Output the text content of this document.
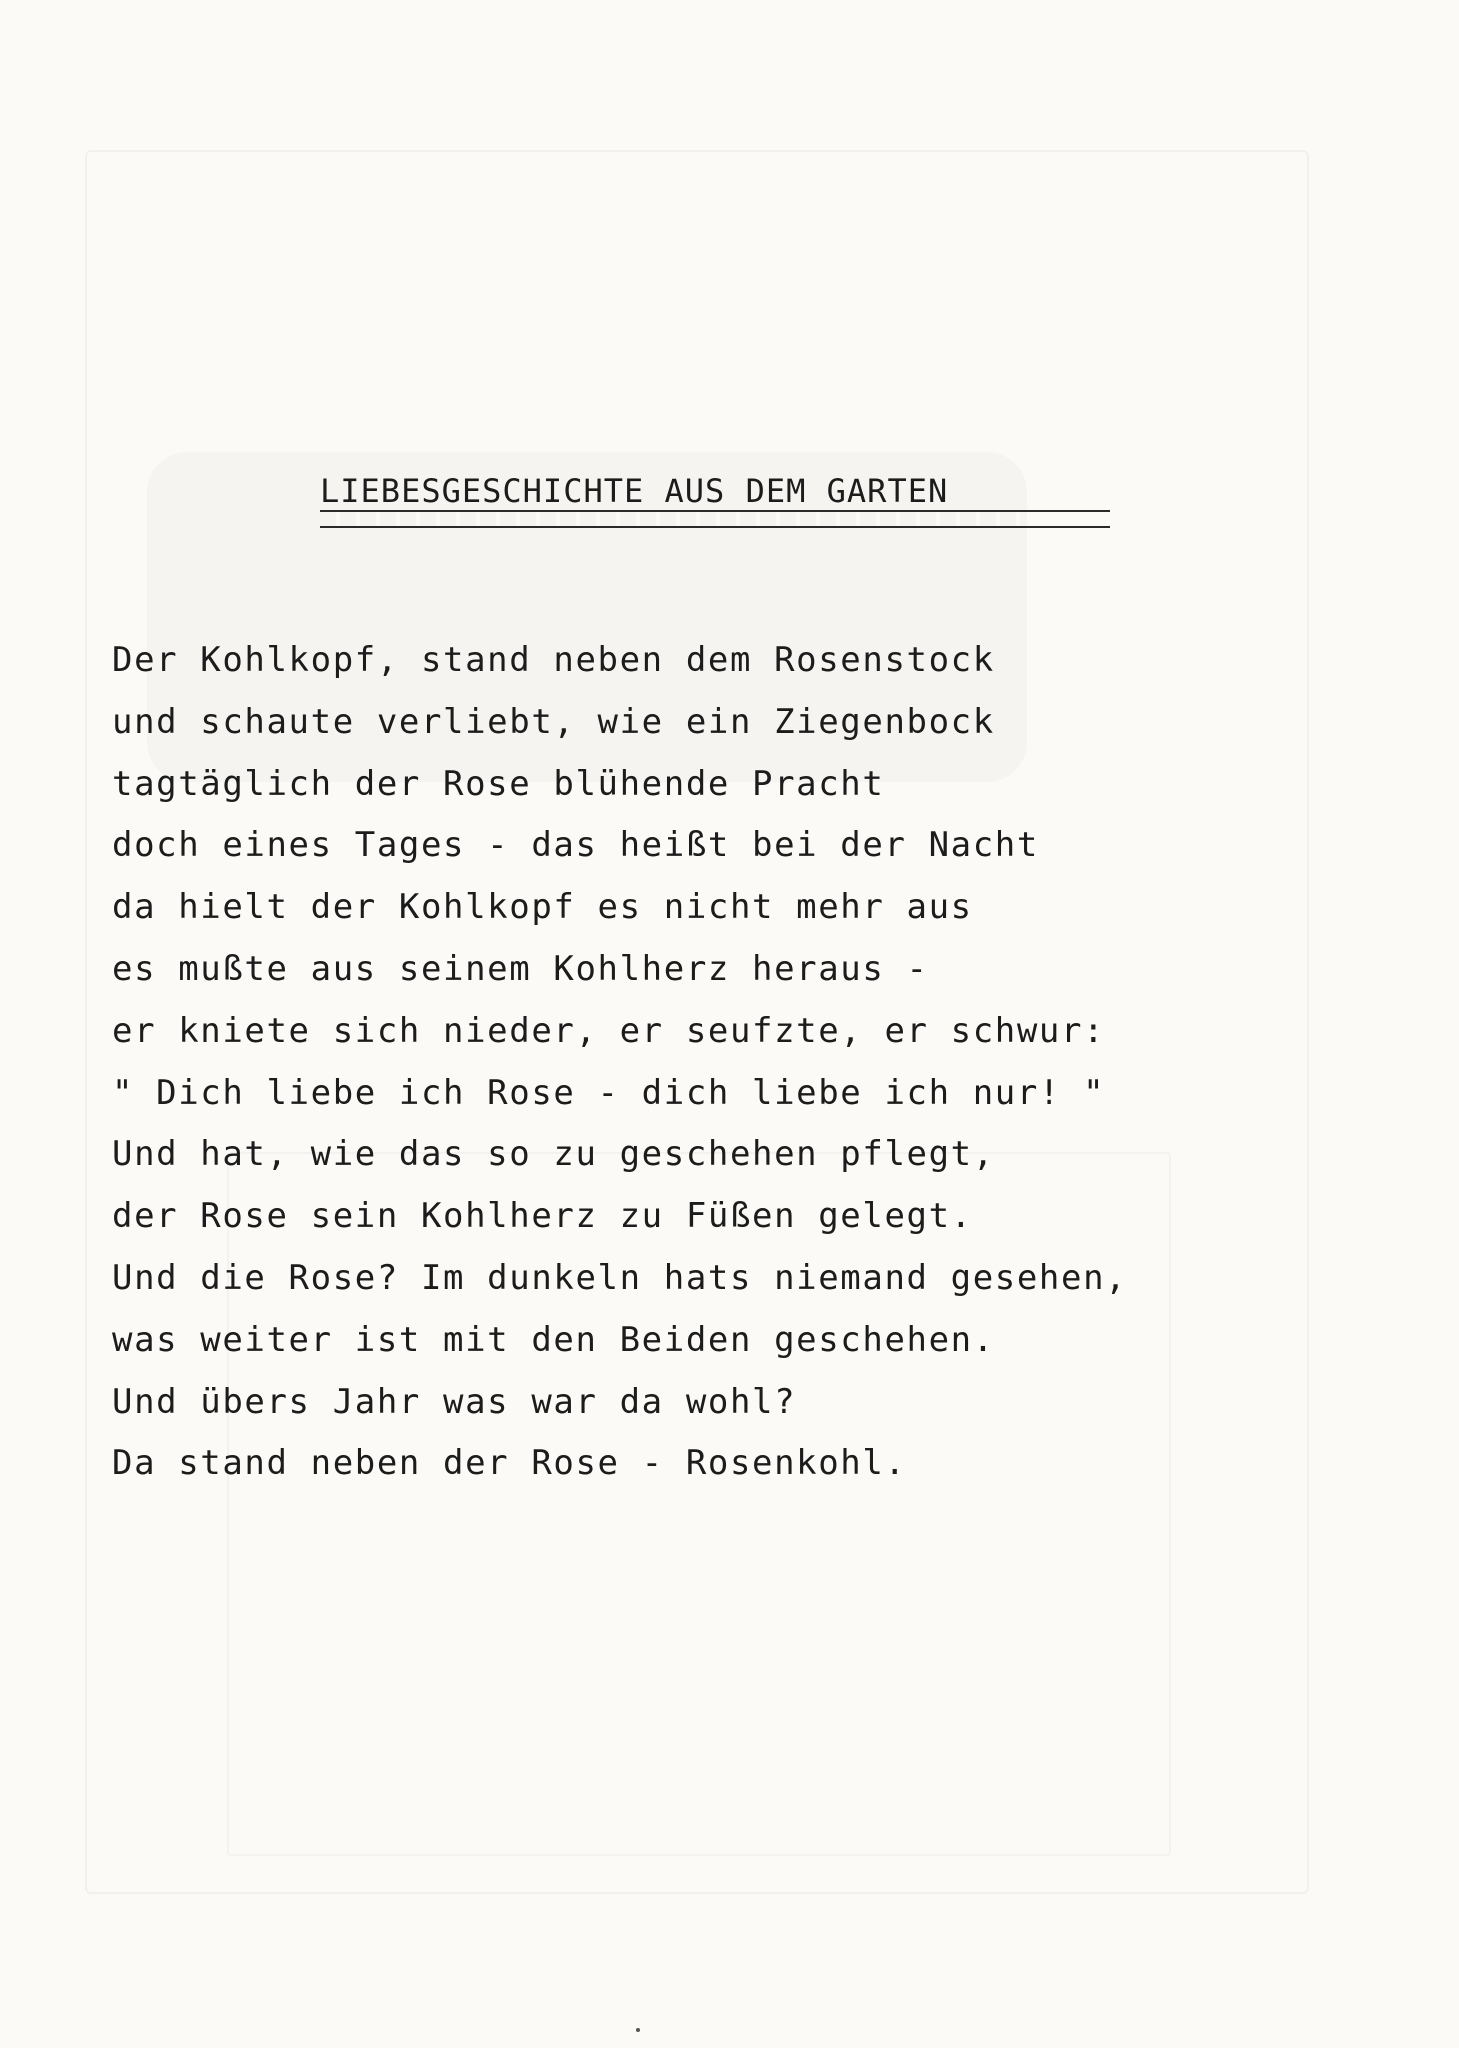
LIEBESGESCHICHTE AUS DEM GARTEN
Der Kohlkopf, stand neben dem Rosenstock
und schaute verliebt, wie ein Ziegenbock
tagtäglich der Rose blühende Pracht
doch eines Tages - das heißt bei der Nacht
da hielt der Kohlkopf es nicht mehr aus
es mußte aus seinem Kohlherz heraus -
er kniete sich nieder, er seufzte, er schwur:
" Dich liebe ich Rose - dich liebe ich nur! "
Und hat, wie das so zu geschehen pflegt,
der Rose sein Kohlherz zu Füßen gelegt.
Und die Rose? Im dunkeln hats niemand gesehen,
was weiter ist mit den Beiden geschehen.
Und übers Jahr was war da wohl?
Da stand neben der Rose - Rosenkohl.
